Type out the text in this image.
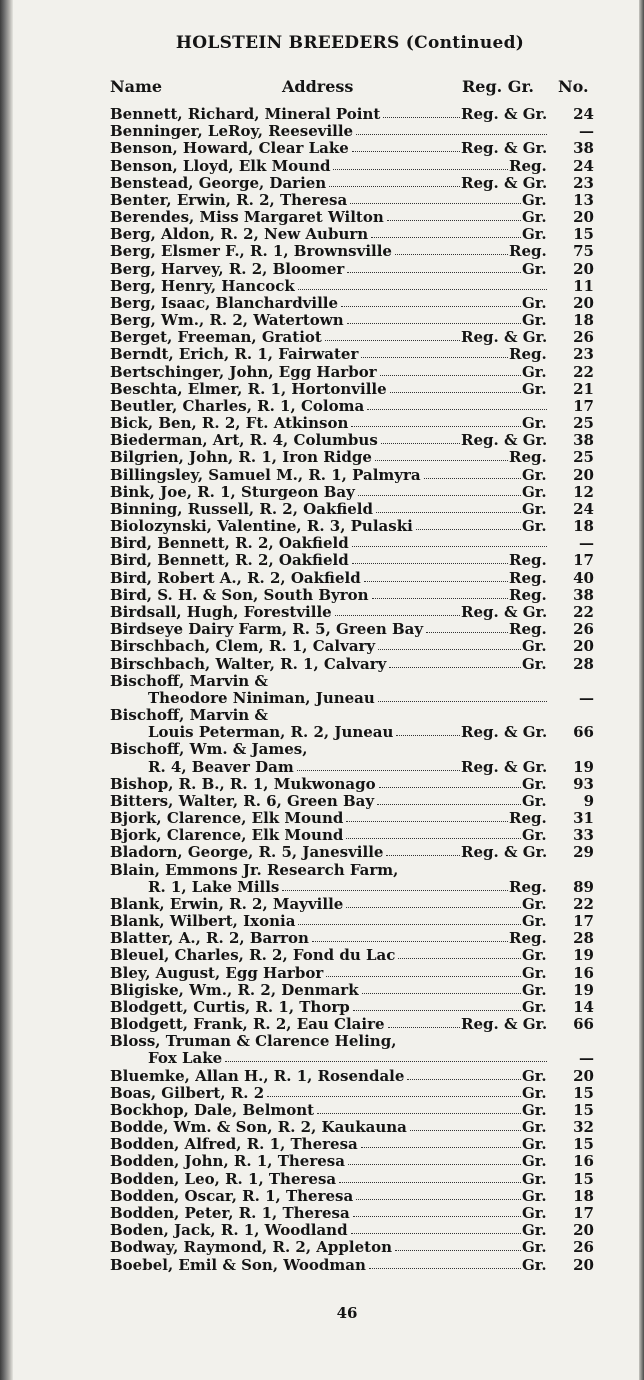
HOLSTEIN BREEDERS (Continued)
Name	Address	Reg. Gr. No.
Bennett, Richard, Mineral Point	Reg. & Gr.	24
Benninger, LeRoy, Reeseville	—
Benson, Howard, Clear Lake	Reg. & Gr.	38
Benson, Lloyd, Elk Mound	Reg.	24
Benstead, George, Darien	Reg. & Gr.	23
Benter, Erwin, R. 2, Theresa	Gr.	13
Berendes, Miss Margaret Wilton	Gr.	20
Berg, Aldon, R. 2, New Auburn	Gr.	15
Berg, Elsmer F., R. 1, Brownsville	Reg.	75
Berg, Harvey, R. 2, Bloomer	Gr.	20
Berg, Henry, Hancock	11
Berg, Isaac, Blanchardville	Gr.	20
Berg, Wm., R. 2, Watertown	Gr.	18
Berget, Freeman, Gratiot	Reg. & Gr.	26
Berndt, Erich, R. 1, Fairwater	Reg.	23
Bertschinger, John, Egg Harbor	Gr.	22
Beschta, Elmer, R. 1, Hortonville	Gr.	21
Beutler, Charles, R. 1, Coloma	17
Bick, Ben, R. 2, Ft. Atkinson	Gr.	25
Biederman, Art, R. 4, Columbus	Reg. & Gr.	38
Bilgrien, John, R. 1, Iron Ridge	Reg.	25
Billingsley, Samuel M., R. 1, Palmyra	Gr.	20
Bink, Joe, R. 1, Sturgeon Bay	Gr.	12
Binning, Russell, R. 2, Oakfield	Gr.	24
Biolozynski, Valentine, R. 3, Pulaski	Gr.	18
Bird, Bennett, R. 2, Oakfield	—
Bird, Bennett, R. 2, Oakfield	Reg.	17
Bird, Robert A., R. 2, Oakfield	Reg.	40
Bird, S. H. & Son, South Byron	Reg.	38
Birdsall, Hugh, Forestville	Reg. & Gr.	22
Birdseye Dairy Farm, R. 5, Green Bay	Reg.	26
Birschbach, Clem, R. 1, Calvary	Gr.	20
Birschbach, Walter, R. 1, Calvary	Gr.	28
Bischoff, Marvin &
Theodore Niniman, Juneau	—
Bischoff, Marvin &
Louis Peterman, R. 2, Juneau	Reg. & Gr.	66
Bischoff, Wm. & James,
R. 4, Beaver Dam	Reg. & Gr.	19
Bishop, R. B., R. 1, Mukwonago	Gr.	93
Bitters, Walter, R. 6, Green Bay	Gr.	9
Bjork, Clarence, Elk Mound	Reg.	31
Bjork, Clarence, Elk Mound	Gr.	33
Bladorn, George, R. 5, Janesville	Reg. & Gr.	29
Blain, Emmons Jr. Research Farm,
R. 1, Lake Mills	Reg.	89
Blank, Erwin, R. 2, Mayville	Gr.	22
Blank, Wilbert, Ixonia	Gr.	17
Blatter, A., R. 2, Barron	Reg.	28
Bleuel, Charles, R. 2, Fond du Lac	Gr.	19
Bley, August, Egg Harbor	Gr.	16
Bligiske, Wm., R. 2, Denmark	Gr.	19
Blodgett, Curtis, R. 1, Thorp	Gr.	14
Blodgett, Frank, R. 2, Eau Claire	Reg. & Gr.	66
Bloss, Truman & Clarence Heling,
Fox Lake	—
Bluemke, Allan H., R. 1, Rosendale	Gr.	20
Boas, Gilbert, R. 2	Gr.	15
Bockhop, Dale, Belmont	Gr.	15
Bodde, Wm. & Son, R. 2, Kaukauna	Gr.	32
Bodden, Alfred, R. 1, Theresa	Gr.	15
Bodden, John, R. 1, Theresa	Gr.	16
Bodden, Leo, R. 1, Theresa	Gr.	15
Bodden, Oscar, R. 1, Theresa	Gr.	18
Bodden, Peter, R. 1, Theresa	Gr.	17
Boden, Jack, R. 1, Woodland	Gr.	20
Bodway, Raymond, R. 2, Appleton	Gr.	26
Boebel, Emil & Son, Woodman	Gr.	20
46
